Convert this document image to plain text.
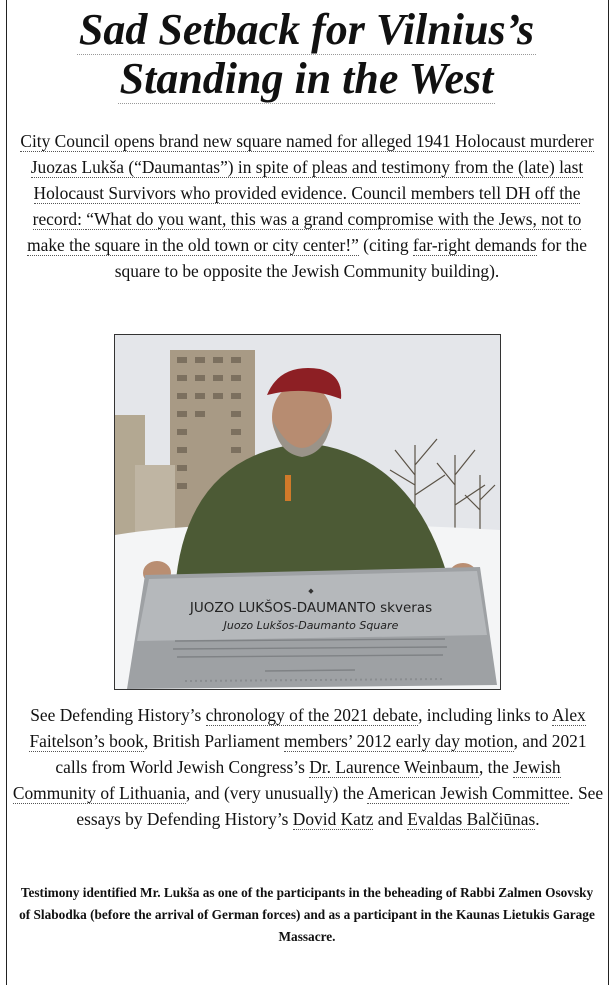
Sad Setback for Vilnius’s
Standing in the West

City Council opens brand new square named for alleged 1941 Holocaust murderer Juozas Lukša (“Daumantas”) in spite of pleas and testimony from the (late) last Holocaust Survivors who provided evidence. Council members tell DH off the record: “What do you want, this was a grand compromise with the Jews, not to make the square in the old town or city center!” (citing far-right demands for the square to be opposite the Jewish Community building).

◆
JUOZO LUKŠOS-DAUMANTO skveras
Juozo Lukšos-Daumanto Square

See Defending History’s chronology of the 2021 debate, including links to Alex Faitelson’s book, British Parliament members’ 2012 early day motion, and 2021 calls from World Jewish Congress’s Dr. Laurence Weinbaum, the Jewish Community of Lithuania, and (very unusually) the American Jewish Committee. See essays by Defending History’s Dovid Katz and Evaldas Balčiūnas.

Testimony identified Mr. Lukša as one of the participants in the beheading of Rabbi Zalmen Osovsky of Slabodka (before the arrival of German forces) and as a participant in the Kaunas Lietukis Garage Massacre.
